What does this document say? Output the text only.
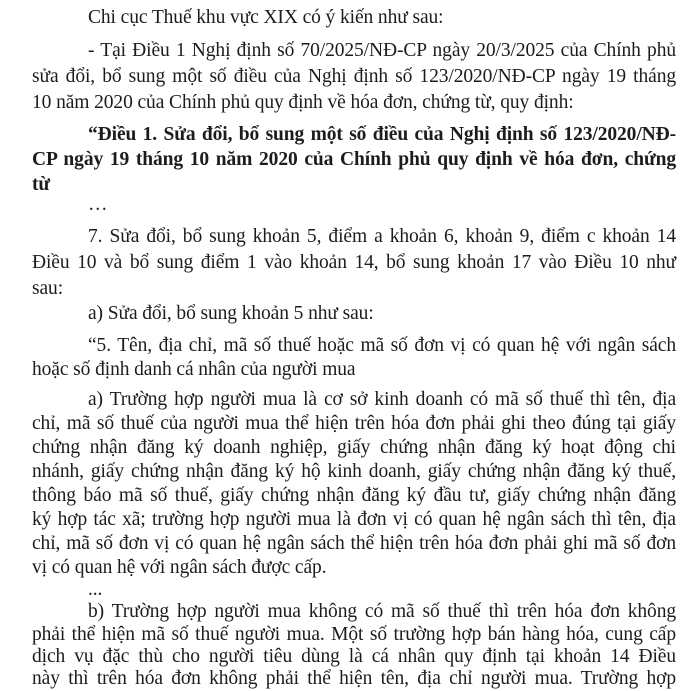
Chi cục Thuế khu vực XIX có ý kiến như sau:
- Tại Điều 1 Nghị định số 70/2025/NĐ-CP ngày 20/3/2025 của Chính phủ
sửa đổi, bổ sung một số điều của Nghị định số 123/2020/NĐ-CP ngày 19 tháng
10 năm 2020 của Chính phủ quy định về hóa đơn, chứng từ, quy định:
“Điều 1. Sửa đổi, bổ sung một số điều của Nghị định số 123/2020/NĐ-
CP ngày 19 tháng 10 năm 2020 của Chính phủ quy định về hóa đơn, chứng
từ
…
7. Sửa đổi, bổ sung khoản 5, điểm a khoản 6, khoản 9, điểm c khoản 14
Điều 10 và bổ sung điểm 1 vào khoản 14, bổ sung khoản 17 vào Điều 10 như
sau:
a) Sửa đổi, bổ sung khoản 5 như sau:
“5. Tên, địa chỉ, mã số thuế hoặc mã số đơn vị có quan hệ với ngân sách
hoặc số định danh cá nhân của người mua
a) Trường hợp người mua là cơ sở kinh doanh có mã số thuế thì tên, địa
chỉ, mã số thuế của người mua thể hiện trên hóa đơn phải ghi theo đúng tại giấy
chứng nhận đăng ký doanh nghiệp, giấy chứng nhận đăng ký hoạt động chi
nhánh, giấy chứng nhận đăng ký hộ kinh doanh, giấy chứng nhận đăng ký thuế,
thông báo mã số thuế, giấy chứng nhận đăng ký đầu tư, giấy chứng nhận đăng
ký hợp tác xã; trường hợp người mua là đơn vị có quan hệ ngân sách thì tên, địa
chỉ, mã số đơn vị có quan hệ ngân sách thể hiện trên hóa đơn phải ghi mã số đơn
vị có quan hệ với ngân sách được cấp.
...
b) Trường hợp người mua không có mã số thuế thì trên hóa đơn không
phải thể hiện mã số thuế người mua. Một số trường hợp bán hàng hóa, cung cấp
dịch vụ đặc thù cho người tiêu dùng là cá nhân quy định tại khoản 14 Điều
này thì trên hóa đơn không phải thể hiện tên, địa chỉ người mua. Trường hợp
